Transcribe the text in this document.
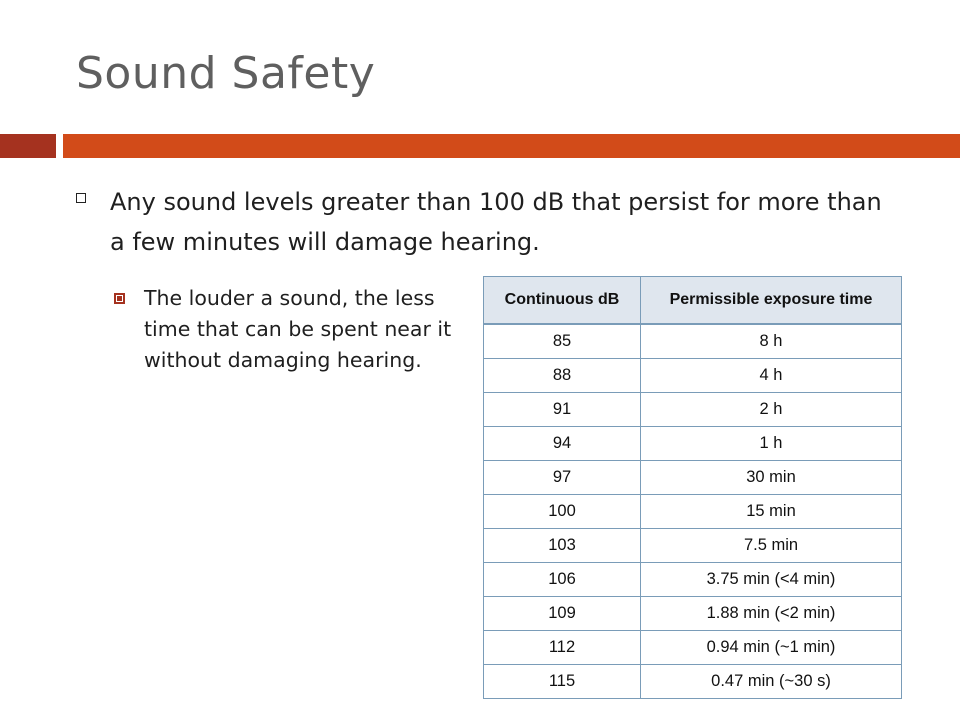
Sound Safety
Any sound levels greater than 100 dB that persist for more than a few minutes will damage hearing.
The louder a sound, the less time that can be spent near it without damaging hearing.
Continuous dB	Permissible exposure time
85	8 h
88	4 h
91	2 h
94	1 h
97	30 min
100	15 min
103	7.5 min
106	3.75 min (<4 min)
109	1.88 min (<2 min)
112	0.94 min (~1 min)
115	0.47 min (~30 s)
